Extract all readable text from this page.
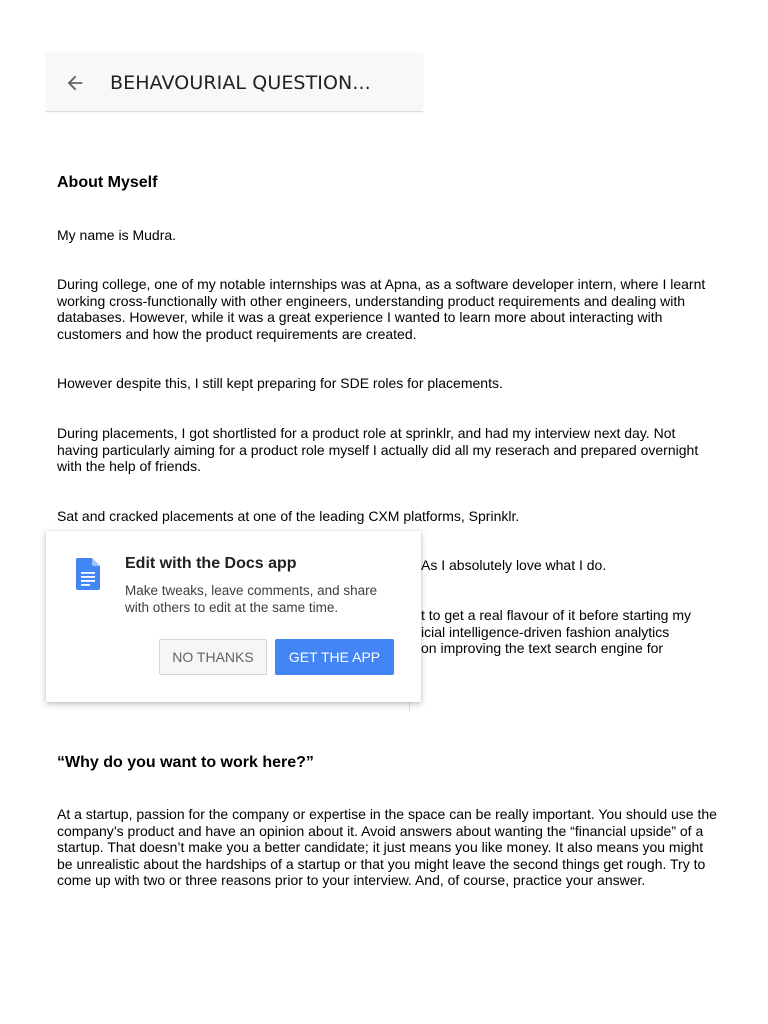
BEHAVOURIAL QUESTION...
About Myself
My name is Mudra.
During college, one of my notable internships was at Apna, as a software developer intern, where I learnt working cross-functionally with other engineers, understanding product requirements and dealing with databases. However, while it was a great experience I wanted to learn more about interacting with customers and how the product requirements are created.
However despite this, I still kept preparing for SDE roles for placements.
During placements, I got shortlisted for a product role at sprinklr, and had my interview next day. Not having particularly aiming for a product role myself I actually did all my reserach and prepared overnight with the help of friends.
Sat and cracked placements at one of the leading CXM platforms, Sprinklr.
As I absolutely love what I do.
t to get a real flavour of it before starting my
icial intelligence-driven fashion analytics
on improving the text search engine for
“Why do you want to work here?”
At a startup, passion for the company or expertise in the space can be really important. You should use the company’s product and have an opinion about it. Avoid answers about wanting the “financial upside” of a startup. That doesn’t make you a better candidate; it just means you like money. It also means you might be unrealistic about the hardships of a startup or that you might leave the second things get rough. Try to come up with two or three reasons prior to your interview. And, of course, practice your answer.
Edit with the Docs app
Make tweaks, leave comments, and share with others to edit at the same time.
NO THANKS	GET THE APP
